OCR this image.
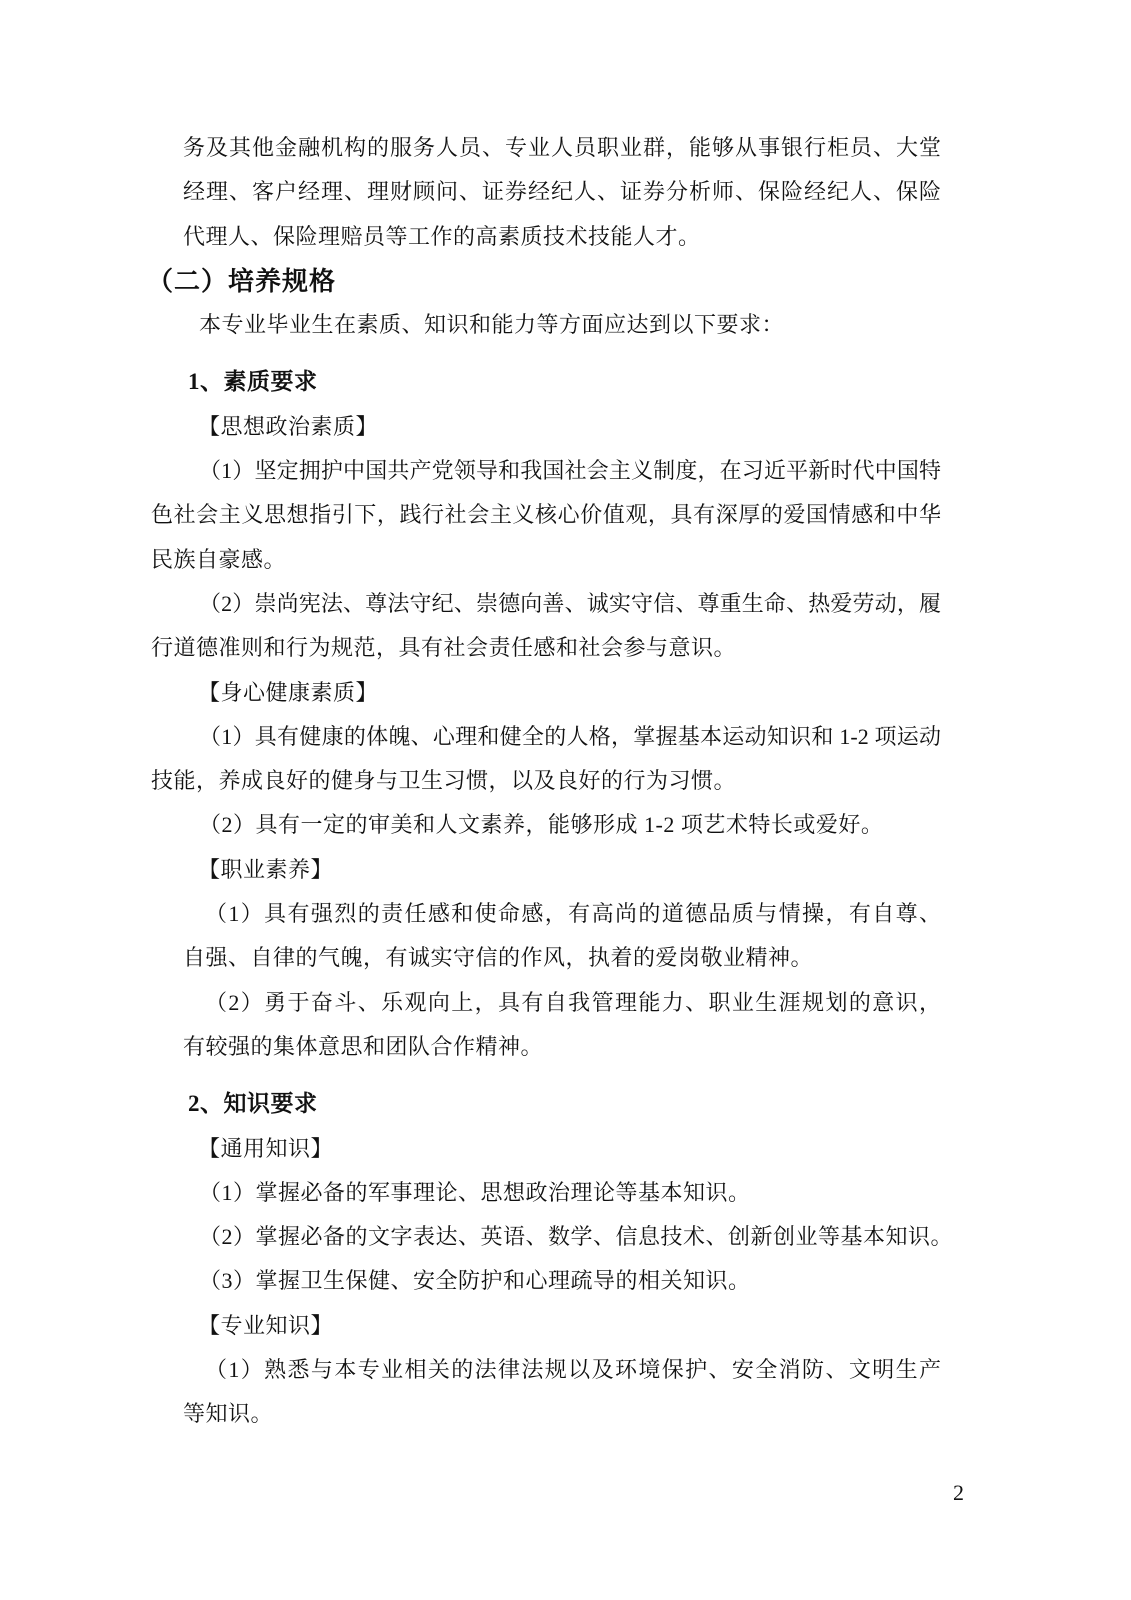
务及其他金融机构的服务人员、专业人员职业群，能够从事银行柜员、大堂
经理、客户经理、理财顾问、证券经纪人、证券分析师、保险经纪人、保险
代理人、保险理赔员等工作的高素质技术技能人才。
（二）培养规格
本专业毕业生在素质、知识和能力等方面应达到以下要求：
1、素质要求
【思想政治素质】
（1）坚定拥护中国共产党领导和我国社会主义制度，在习近平新时代中国特
色社会主义思想指引下，践行社会主义核心价值观，具有深厚的爱国情感和中华
民族自豪感。
（2）崇尚宪法、尊法守纪、崇德向善、诚实守信、尊重生命、热爱劳动，履
行道德准则和行为规范，具有社会责任感和社会参与意识。
【身心健康素质】
（1）具有健康的体魄、心理和健全的人格，掌握基本运动知识和 1-2 项运动
技能，养成良好的健身与卫生习惯，以及良好的行为习惯。
（2）具有一定的审美和人文素养，能够形成 1-2 项艺术特长或爱好。
【职业素养】
（1）具有强烈的责任感和使命感，有高尚的道德品质与情操，有自尊、
自强、自律的气魄，有诚实守信的作风，执着的爱岗敬业精神。
（2）勇于奋斗、乐观向上，具有自我管理能力、职业生涯规划的意识，
有较强的集体意思和团队合作精神。
2、知识要求
【通用知识】
（1）掌握必备的军事理论、思想政治理论等基本知识。
（2）掌握必备的文字表达、英语、数学、信息技术、创新创业等基本知识。
（3）掌握卫生保健、安全防护和心理疏导的相关知识。
【专业知识】
（1）熟悉与本专业相关的法律法规以及环境保护、安全消防、文明生产
等知识。
2
